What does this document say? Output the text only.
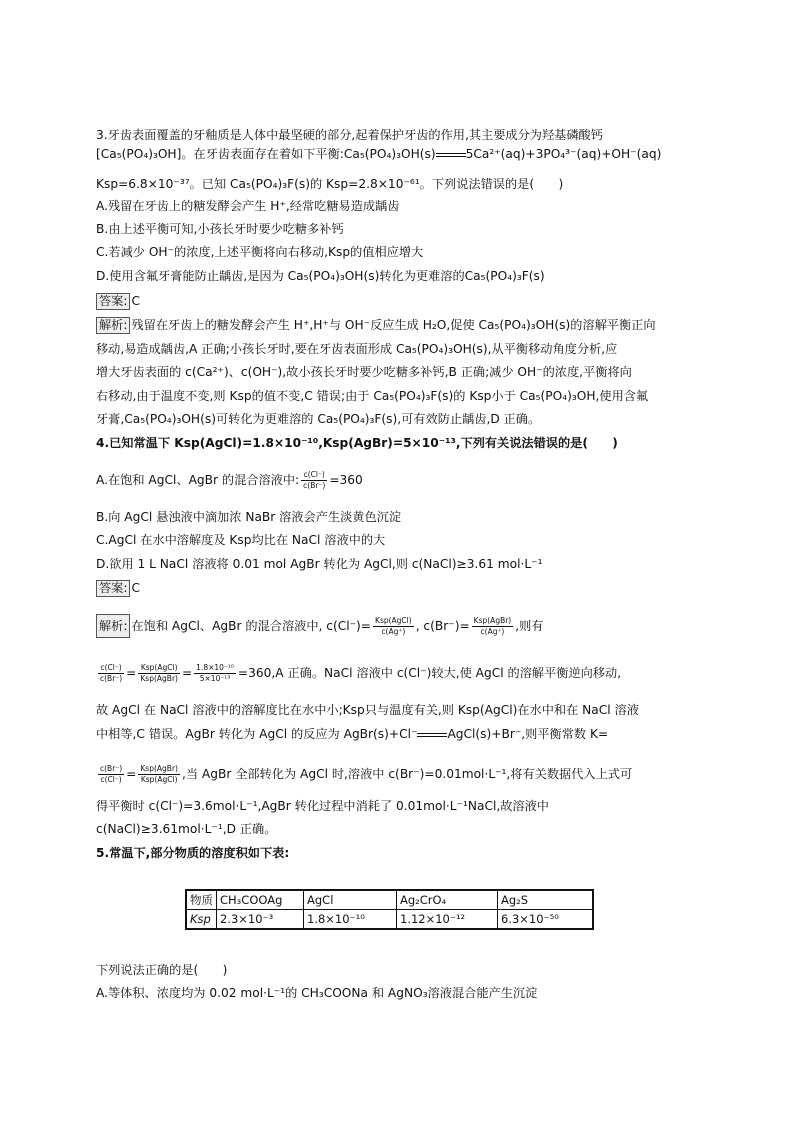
3.牙齿表面覆盖的牙釉质是人体中最坚硬的部分,起着保护牙齿的作用,其主要成分为羟基磷酸钙
[Ca₅(PO₄)₃OH]。在牙齿表面存在着如下平衡:Ca₅(PO₄)₃OH(s) 5Ca²⁺(aq)+3PO₄³⁻(aq)+OH⁻(aq)
Ksp=6.8×10⁻³⁷。已知 Ca₅(PO₄)₃F(s)的 Ksp=2.8×10⁻⁶¹。下列说法错误的是(　　)
A.残留在牙齿上的糖发酵会产生 H⁺,经常吃糖易造成龋齿
B.由上述平衡可知,小孩长牙时要少吃糖多补钙
C.若减少 OH⁻的浓度,上述平衡将向右移动,Ksp的值相应增大
D.使用含氟牙膏能防止龋齿,是因为 Ca₅(PO₄)₃OH(s)转化为更难溶的Ca₅(PO₄)₃F(s)
答案: C
解析: 残留在牙齿上的糖发酵会产生 H⁺,H⁺与 OH⁻反应生成 H₂O,促使 Ca₅(PO₄)₃OH(s)的溶解平衡正向
移动,易造成龋齿,A 正确;小孩长牙时,要在牙齿表面形成 Ca₅(PO₄)₃OH(s),从平衡移动角度分析,应
增大牙齿表面的 c(Ca²⁺)、c(OH⁻),故小孩长牙时要少吃糖多补钙,B 正确;减少 OH⁻的浓度,平衡将向
右移动,由于温度不变,则 Ksp的值不变,C 错误;由于 Ca₅(PO₄)₃F(s)的 Ksp小于 Ca₅(PO₄)₃OH,使用含氟
牙膏,Ca₅(PO₄)₃OH(s)可转化为更难溶的 Ca₅(PO₄)₃F(s),可有效防止龋齿,D 正确。
4.已知常温下 Ksp(AgCl)=1.8×10⁻¹⁰,Ksp(AgBr)=5×10⁻¹³,下列有关说法错误的是(　　)
A.在饱和 AgCl、AgBr 的混合溶液中: $\frac{c(Cl^-)}{c(Br^-)} =360$
B.向 AgCl 悬浊液中滴加浓 NaBr 溶液会产生淡黄色沉淀
C.AgCl 在水中溶解度及 Ksp均比在 NaCl 溶液中的大
D.欲用 1 L NaCl 溶液将 0.01 mol AgBr 转化为 AgCl,则 c(NaCl)≥3.61 mol·L⁻¹
答案: C
解析: 在饱和 AgCl、AgBr 的混合溶液中, $c(Cl^-)= \frac{\text{Ksp(AgCl)}}{c(Ag^+)}$ , $c(Br^-)= \frac{\text{Ksp(AgBr)}}{c(Ag^+)}$ ,则有
$\frac{c(Cl^-)}{c(Br^-)} = \frac{\text{Ksp(AgCl)}}{\text{Ksp(AgBr)}} = \frac{\text{1.8×10⁻¹⁰}}{\text{5×10⁻¹³}} =360,A$ 正确。NaCl 溶液中 c(Cl⁻)较大,使 AgCl 的溶解平衡逆向移动,
故 AgCl 在 NaCl 溶液中的溶解度比在水中小;Ksp只与温度有关,则 Ksp(AgCl)在水中和在 NaCl 溶液
中相等,C 错误。AgBr 转化为 AgCl 的反应为 AgBr(s)+Cl⁻ AgCl(s)+Br⁻,则平衡常数 K=
$\frac{c(Br^-)}{c(Cl^-)} = \frac{\text{Ksp(AgBr)}}{\text{Ksp(AgCl)}}$ ,当 AgBr 全部转化为 AgCl 时,溶液中 c(Br⁻)=0.01mol·L⁻¹,将有关数据代入上式可
得平衡时 c(Cl⁻)=3.6mol·L⁻¹,AgBr 转化过程中消耗了 0.01mol·L⁻¹NaCl,故溶液中
c(NaCl)≥3.61mol·L⁻¹,D 正确。
5.常温下,部分物质的溶度积如下表:
物质	CH₃COOAg	AgCl	Ag₂CrO₄	Ag₂S
Ksp	2.3×10⁻³	1.8×10⁻¹⁰	1.12×10⁻¹²	6.3×10⁻⁵⁰
下列说法正确的是(　　)
A.等体积、浓度均为 0.02 mol·L⁻¹的 CH₃COONa 和 AgNO₃溶液混合能产生沉淀
